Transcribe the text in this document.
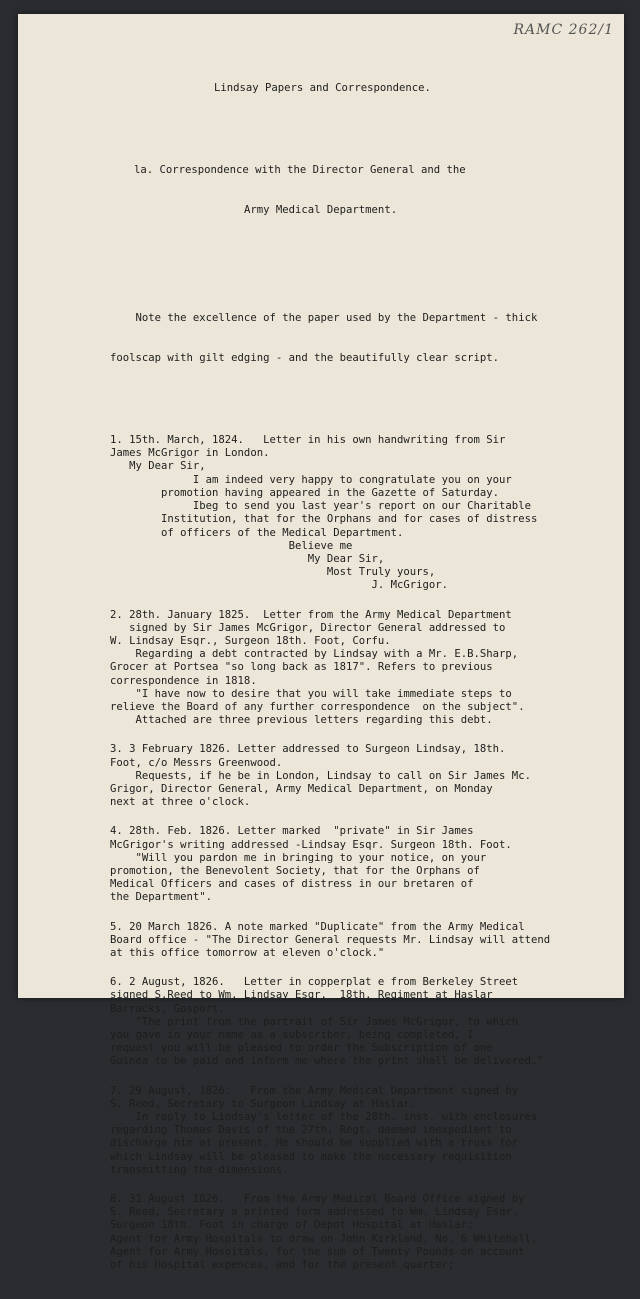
RAMC 262/1

Lindsay Papers and Correspondence.

la. Correspondence with the Director General and the

Army Medical Department.

Note the excellence of the paper used by the Department - thick

foolscap with gilt edging - and the beautifully clear script.

1. 15th. March, 1824.   Letter in his own handwriting from Sir
James McGrigor in London.
My Dear Sir,
I am indeed very happy to congratulate you on your
promotion having appeared in the Gazette of Saturday.
Ibeg to send you last year's report on our Charitable
Institution, that for the Orphans and for cases of distress
of officers of the Medical Department.
Believe me
My Dear Sir,
Most Truly yours,
J. McGrigor.
2. 28th. January 1825.  Letter from the Army Medical Department
signed by Sir James McGrigor, Director General addressed to
W. Lindsay Esqr., Surgeon 18th. Foot, Corfu.
Regarding a debt contracted by Lindsay with a Mr. E.B.Sharp,
Grocer at Portsea "so long back as 1817". Refers to previous
correspondence in 1818.
"I have now to desire that you will take immediate steps to
relieve the Board of any further correspondence  on the subject".
Attached are three previous letters regarding this debt.
3. 3 February 1826. Letter addressed to Surgeon Lindsay, 18th.
Foot, c/o Messrs Greenwood.
Requests, if he be in London, Lindsay to call on Sir James Mc.
Grigor, Director General, Army Medical Department, on Monday
next at three o'clock.
4. 28th. Feb. 1826. Letter marked  "private" in Sir James
McGrigor's writing addressed -Lindsay Esqr. Surgeon 18th. Foot.
"Will you pardon me in bringing to your notice, on your
promotion, the Benevolent Society, that for the Orphans of
Medical Officers and cases of distress in our bretaren of
the Department".
5. 20 March 1826. A note marked "Duplicate" from the Army Medical
Board office - "The Director General requests Mr. Lindsay will attend
at this office tomorrow at eleven o'clock."
6. 2 August, 1826.   Letter in copperplat e from Berkeley Street
signed S.Reed to Wm. Lindsay Esqr.  18th. Regiment at Haslar
Barracks, Gosport.
"The print from the portrait of Sir James McGrigor, to which
you gave in your name as a subscriber, being completed, I
request you will be pleased to order the Subscription of one
Guinea to be paid and inform me where the print shall be delivered."
7. 29 August, 1826.   From the Army Medical Department signed by
S. Reed, Secretary to Surgeon Lindsay at Haslar.
In reply to Lindsay's letter of the 28th. inst. with enclosures
regarding Thomas Davis of the 27th, Regt. deemed inexpedient to
discharge him at present. He should be supplied with a truss for
which Lindsay will be pleased to make the necessary requisition
transmitting the dimensions.
8. 31 August 1826.   From the Army Medical Board Office signed by
S. Reed, Secretary a printed form addressed to Wm. Lindsay Esqr.
Surgeon 18th. Foot in charge of Depot Hospital at Haslar:
Agent for Army Hospitals to draw on John Kirkland, No. 6 Whitehall,
Agent for Army Hospitals, for the sum of Twenty Pounds on account
of his Hospital expences, and for the present quarter;
